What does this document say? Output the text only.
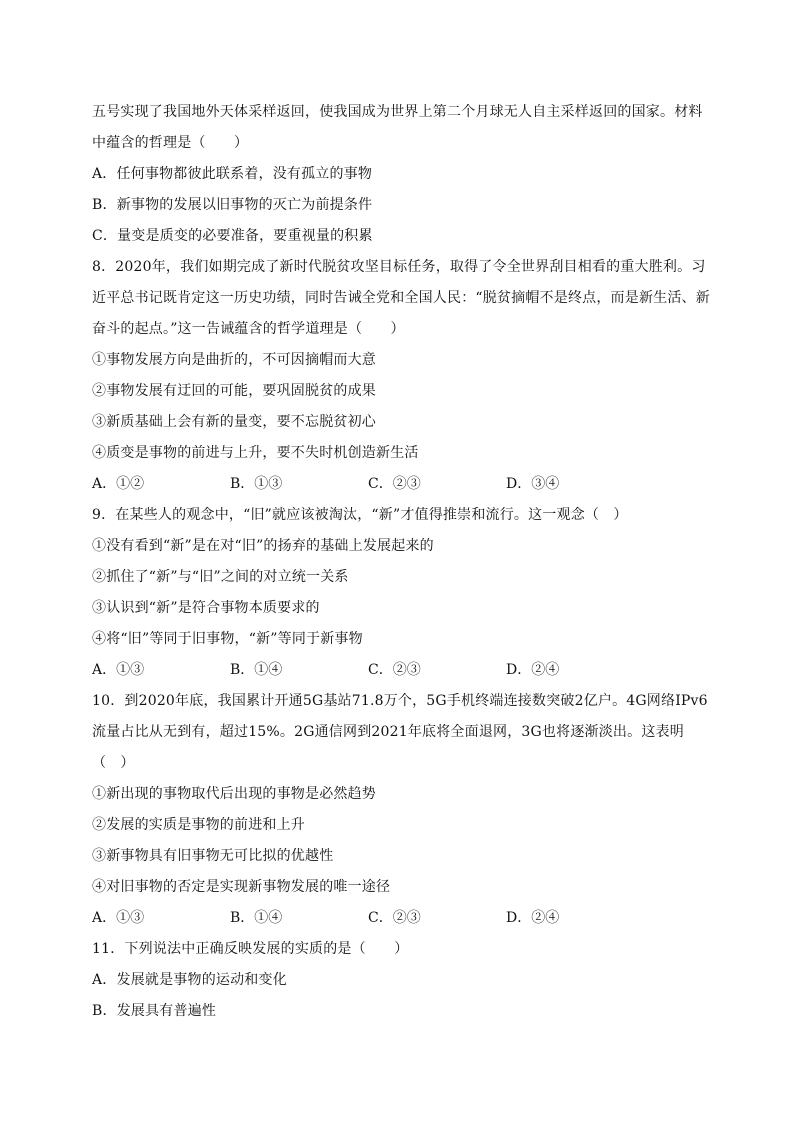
五号实现了我国地外天体采样返回，使我国成为世界上第二个月球无人自主采样返回的国家。材料
中蕴含的哲理是（　　）
A．任何事物都彼此联系着，没有孤立的事物
B．新事物的发展以旧事物的灭亡为前提条件
C．量变是质变的必要准备，要重视量的积累
8．2020年，我们如期完成了新时代脱贫攻坚目标任务，取得了令全世界刮目相看的重大胜利。习
近平总书记既肯定这一历史功绩，同时告诫全党和全国人民：“脱贫摘帽不是终点，而是新生活、新
奋斗的起点。”这一告诫蕴含的哲学道理是（　　）
①事物发展方向是曲折的，不可因摘帽而大意
②事物发展有迂回的可能，要巩固脱贫的成果
③新质基础上会有新的量变，要不忘脱贫初心
④质变是事物的前进与上升，要不失时机创造新生活
A．①②	B．①③	C．②③	D．③④
9．在某些人的观念中，“旧”就应该被淘汰，“新”才值得推崇和流行。这一观念（　）
①没有看到“新”是在对“旧”的扬弃的基础上发展起来的
②抓住了“新”与“旧”之间的对立统一关系
③认识到“新”是符合事物本质要求的
④将“旧”等同于旧事物，“新”等同于新事物
A．①③	B．①④	C．②③	D．②④
10．到2020年底，我国累计开通5G基站71.8万个，5G手机终端连接数突破2亿户。4G网络IPv6
流量占比从无到有，超过15%。2G通信网到2021年底将全面退网，3G也将逐渐淡出。这表明
（　）
①新出现的事物取代后出现的事物是必然趋势
②发展的实质是事物的前进和上升
③新事物具有旧事物无可比拟的优越性
④对旧事物的否定是实现新事物发展的唯一途径
A．①③	B．①④	C．②③	D．②④
11．下列说法中正确反映发展的实质的是（　　）
A．发展就是事物的运动和变化
B．发展具有普遍性
